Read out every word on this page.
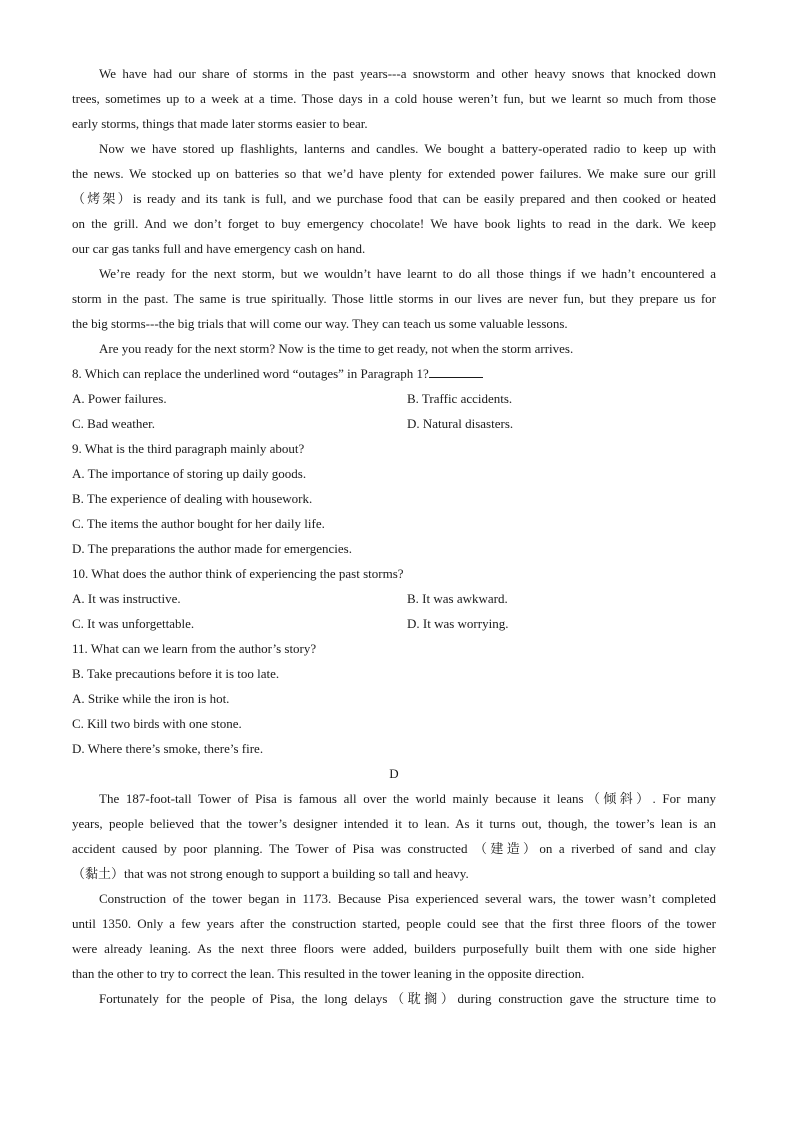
We have had our share of storms in the past years---a snowstorm and other heavy snows that knocked down

trees, sometimes up to a week at a time. Those days in a cold house weren’t fun, but we learnt so much from those

early storms, things that made later storms easier to bear.

Now we have stored up flashlights, lanterns and candles. We bought a battery-operated radio to keep up with

the news. We stocked up on batteries so that we’d have plenty for extended power failures. We make sure our grill

（烤架）is ready and its tank is full, and we purchase food that can be easily prepared and then cooked or heated

on the grill. And we don’t forget to buy emergency chocolate! We have book lights to read in the dark. We keep

our car gas tanks full and have emergency cash on hand.

We’re ready for the next storm, but we wouldn’t have learnt to do all those things if we hadn’t encountered a

storm in the past. The same is true spiritually. Those little storms in our lives are never fun, but they prepare us for

the big storms---the big trials that will come our way. They can teach us some valuable lessons.

Are you ready for the next storm? Now is the time to get ready, not when the storm arrives.

8. Which can replace the underlined word “outages” in Paragraph 1?

A. Power failures.	B. Traffic accidents.
C. Bad weather.	D. Natural disasters.

9. What is the third paragraph mainly about?

A. The importance of storing up daily goods.

B. The experience of dealing with housework.

C. The items the author bought for her daily life.

D. The preparations the author made for emergencies.

10. What does the author think of experiencing the past storms?

A. It was instructive.	B. It was awkward.
C. It was unforgettable.	D. It was worrying.

11. What can we learn from the author’s story?

B. Take precautions before it is too late.

A. Strike while the iron is hot.

C. Kill two birds with one stone.

D. Where there’s smoke, there’s fire.

D

The 187-foot-tall Tower of Pisa is famous all over the world mainly because it leans（倾斜）. For many

years, people believed that the tower’s designer intended it to lean. As it turns out, though, the tower’s lean is an

accident caused by poor planning. The Tower of Pisa was constructed （建造）on a riverbed of sand and clay

（黏土）that was not strong enough to support a building so tall and heavy.

Construction of the tower began in 1173. Because Pisa experienced several wars, the tower wasn’t completed

until 1350. Only a few years after the construction started, people could see that the first three floors of the tower

were already leaning. As the next three floors were added, builders purposefully built them with one side higher

than the other to try to correct the lean. This resulted in the tower leaning in the opposite direction.

Fortunately for the people of Pisa, the long delays（耽搁）during construction gave the structure time to
